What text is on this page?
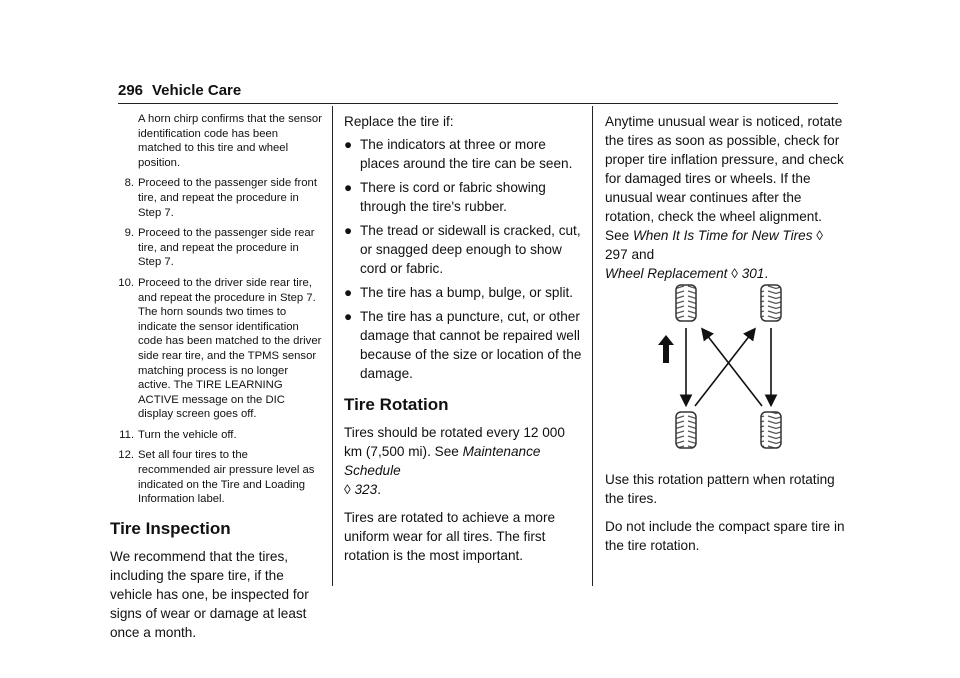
296 Vehicle Care

A horn chirp confirms that the sensor identification code has been matched to this tire and wheel position.

8. Proceed to the passenger side front tire, and repeat the procedure in Step 7.
9. Proceed to the passenger side rear tire, and repeat the procedure in Step 7.
10. Proceed to the driver side rear tire, and repeat the procedure in Step 7. The horn sounds two times to indicate the sensor identification code has been matched to the driver side rear tire, and the TPMS sensor matching process is no longer active. The TIRE LEARNING ACTIVE message on the DIC display screen goes off.
11. Turn the vehicle off.
12. Set all four tires to the recommended air pressure level as indicated on the Tire and Loading Information label.
Tire Inspection

We recommend that the tires, including the spare tire, if the vehicle has one, be inspected for signs of wear or damage at least once a month.

Replace the tire if:

● The indicators at three or more places around the tire can be seen.
● There is cord or fabric showing through the tire's rubber.
● The tread or sidewall is cracked, cut, or snagged deep enough to show cord or fabric.
● The tire has a bump, bulge, or split.
● The tire has a puncture, cut, or other damage that cannot be repaired well because of the size or location of the damage.
Tire Rotation

Tires should be rotated every 12 000 km (7,500 mi). See Maintenance Schedule
◊ 323.

Tires are rotated to achieve a more uniform wear for all tires. The first rotation is the most important.

Anytime unusual wear is noticed, rotate the tires as soon as possible, check for proper tire inflation pressure, and check for damaged tires or wheels. If the unusual wear continues after the rotation, check the wheel alignment. See When It Is Time for New Tires ◊ 297 and
Wheel Replacement ◊ 301.

Use this rotation pattern when rotating the tires.

Do not include the compact spare tire in the tire rotation.
